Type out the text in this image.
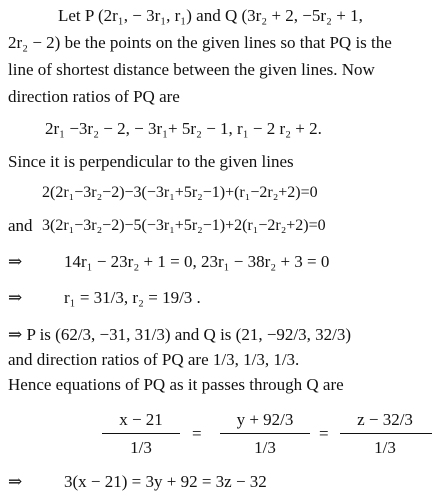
Let P (2r₁, − 3r₁, r₁) and Q (3r₂ + 2, −5r₂ + 1,
2r₂ − 2) be the points on the given lines so that PQ is the
line of shortest distance between the given lines. Now
direction ratios of PQ are
2r₁ −3r₂ − 2, − 3r₁+ 5r₂ − 1, r₁ − 2 r₂ + 2.
Since it is perpendicular to the given lines
2(2r₁−3r₂−2)−3(−3r₁+5r₂−1)+(r₁−2r₂+2)=0
and 3(2r₁−3r₂−2)−5(−3r₁+5r₂−1)+2(r₁−2r₂+2)=0
⇒ 14r₁ − 23r₂ + 1 = 0, 23r₁ − 38r₂ + 3 = 0
⇒ r₁ = 31/3, r₂ = 19/3 .
⇒ P is (62/3, −31, 31/3) and Q is (21, −92/3, 32/3)
and direction ratios of PQ are 1/3, 1/3, 1/3.
Hence equations of PQ as it passes through Q are
x − 21
1/3
=
y + 92/3
1/3
=
z − 32/3
1/3
⇒ 3(x − 21) = 3y + 92 = 3z − 32
